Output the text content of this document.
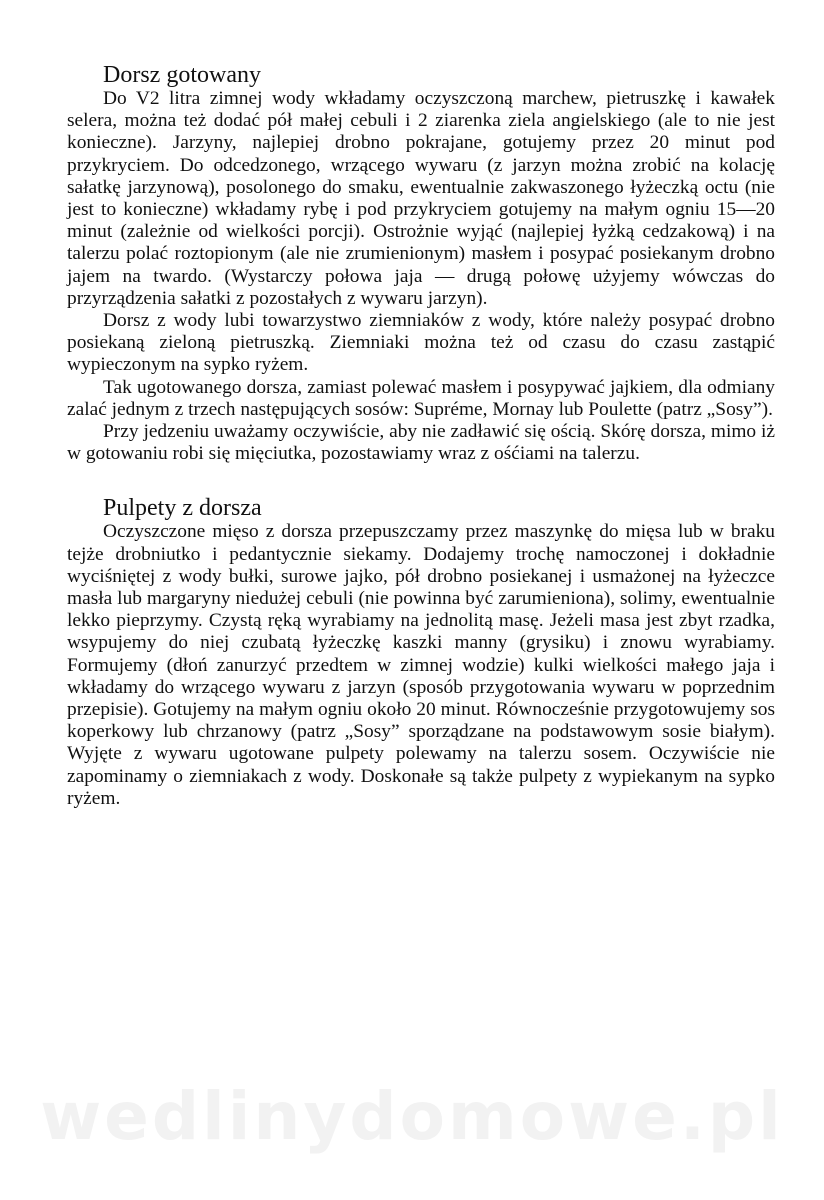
Dorsz gotowany

Do V2 litra zimnej wody wkładamy oczyszczoną marchew, pietruszkę i kawałek selera, można też dodać pół małej cebuli i 2 ziarenka ziela angielskiego (ale to nie jest konieczne). Jarzyny, najlepiej drobno pokrajane, gotujemy przez 20 minut pod przykryciem. Do odcedzonego, wrzącego wywaru (z jarzyn można zrobić na kolację sałatkę jarzynową), posolonego do smaku, ewentualnie zakwaszonego łyżeczką octu (nie jest to konieczne) wkładamy rybę i pod przykryciem gotujemy na małym ogniu 15—20 minut (zależnie od wielkości porcji). Ostrożnie wyjąć (najlepiej łyżką cedzakową) i na talerzu polać roztopionym (ale nie zrumienionym) masłem i posypać posiekanym drobno jajem na twardo. (Wystarczy połowa jaja — drugą połowę użyjemy wówczas do przyrządzenia sałatki z pozostałych z wywaru jarzyn).

Dorsz z wody lubi towarzystwo ziemniaków z wody, które należy posypać drobno posiekaną zieloną pietruszką. Ziemniaki można też od czasu do czasu zastąpić wypieczonym na sypko ryżem.

Tak ugotowanego dorsza, zamiast polewać masłem i posypywać jajkiem, dla odmiany zalać jednym z trzech następujących sosów: Supréme, Mornay lub Poulette (patrz „Sosy”).

Przy jedzeniu uważamy oczywiście, aby nie zadławić się ością. Skórę dorsza, mimo iż w gotowaniu robi się mięciutka, pozostawiamy wraz z ośćiami na talerzu.

Pulpety z dorsza

Oczyszczone mięso z dorsza przepuszczamy przez maszynkę do mięsa lub w braku tejże drobniutko i pedantycznie siekamy. Dodajemy trochę namoczonej i dokładnie wyciśniętej z wody bułki, surowe jajko, pół drobno posiekanej i usmażonej na łyżeczce masła lub margaryny niedużej cebuli (nie powinna być zarumieniona), solimy, ewentualnie lekko pieprzymy. Czystą ręką wyrabiamy na jednolitą masę. Jeżeli masa jest zbyt rzadka, wsypujemy do niej czubatą łyżeczkę kaszki manny (grysiku) i znowu wyrabiamy. Formujemy (dłoń zanurzyć przedtem w zimnej wodzie) kulki wielkości małego jaja i wkładamy do wrzącego wywaru z jarzyn (sposób przygotowania wywaru w poprzednim przepisie). Gotujemy na małym ogniu około 20 minut. Równocześnie przygotowujemy sos koperkowy lub chrzanowy (patrz „Sosy” sporządzane na podstawowym sosie białym). Wyjęte z wywaru ugotowane pulpety polewamy na talerzu sosem. Oczywiście nie zapominamy o ziemniakach z wody. Doskonałe są także pulpety z wypiekanym na sypko ryżem.

wedlinydomowe.pl
